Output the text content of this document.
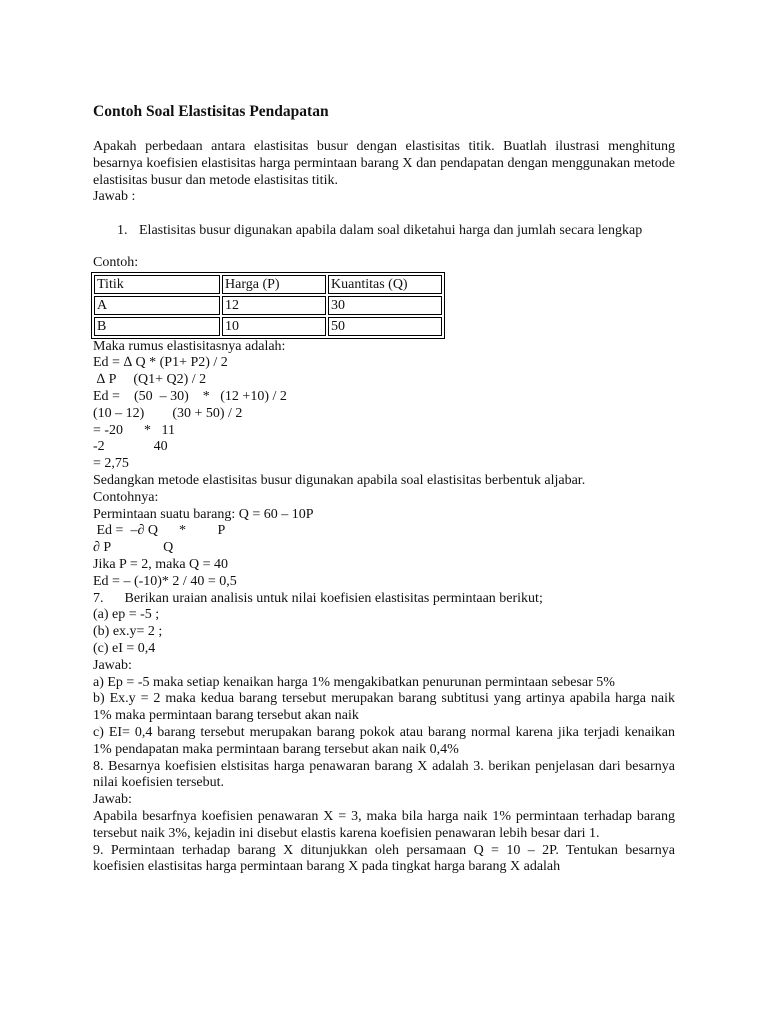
Contoh Soal Elastisitas Pendapatan

Apakah perbedaan antara elastisitas busur dengan elastisitas titik. Buatlah ilustrasi menghitung besarnya koefisien elastisitas harga permintaan barang X dan pendapatan dengan menggunakan metode elastisitas busur dan metode elastisitas titik.

Jawab :

1. Elastisitas busur digunakan apabila dalam soal diketahui harga dan jumlah secara lengkap

Contoh:

Titik	Harga (P)	Kuantitas (Q)
A	12	30
B	10	50

Maka rumus elastisitasnya adalah:

Ed = ∆ Q * (P1+ P2) / 2

∆ P     (Q1+ Q2) / 2

Ed =    (50  – 30)    *   (12 +10) / 2

(10 – 12)        (30 + 50) / 2

= -20      *   11

-2              40

= 2,75

Sedangkan metode elastisitas busur digunakan apabila soal elastisitas berbentuk aljabar.

Contohnya:

Permintaan suatu barang: Q = 60 – 10P

Ed =  –∂ Q      *         P

∂ P               Q

Jika P = 2, maka Q = 40

Ed = – (-10)* 2 / 40 = 0,5

7.      Berikan uraian analisis untuk nilai koefisien elastisitas permintaan berikut;

(a) ep = -5 ;

(b) ex.y= 2 ;

(c) eI = 0,4

Jawab:

a) Ep = -5 maka setiap kenaikan harga 1% mengakibatkan penurunan permintaan sebesar 5%

b) Ex.y = 2 maka kedua barang tersebut merupakan barang subtitusi yang artinya apabila harga naik 1% maka permintaan barang tersebut akan naik

c) EI= 0,4 barang tersebut merupakan barang pokok atau barang normal karena jika terjadi kenaikan 1% pendapatan maka permintaan barang tersebut akan naik 0,4%

8. Besarnya koefisien elstisitas harga penawaran barang X adalah 3. berikan penjelasan dari besarnya nilai koefisien tersebut.

Jawab:

Apabila besarfnya koefisien penawaran X = 3, maka bila harga naik 1% permintaan terhadap barang tersebut naik 3%, kejadin ini disebut elastis karena koefisien penawaran lebih besar dari 1.

9. Permintaan terhadap barang X ditunjukkan oleh persamaan Q = 10 – 2P. Tentukan besarnya koefisien elastisitas harga permintaan barang X pada tingkat harga barang X adalah
